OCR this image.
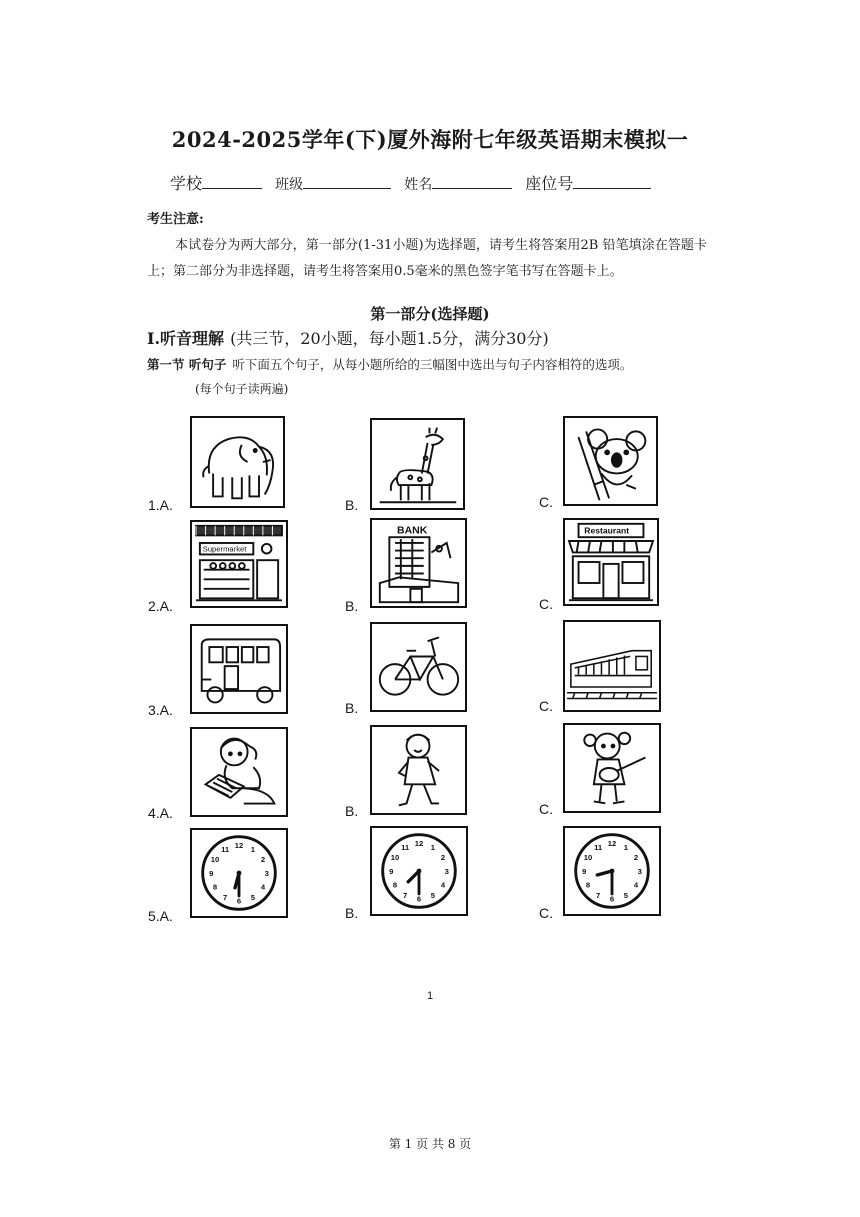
2024-2025学年(下)厦外海附七年级英语期末模拟一
学校	班级	姓名	座位号
考生注意:
本试卷分为两大部分，第一部分(1-31小题)为选择题，请考生将答案用2B 铅笔填涂在答题卡上；第二部分为非选择题，请考生将答案用0.5毫米的黑色签字笔书写在答题卡上。
第一部分(选择题)
I.听音理解 (共三节，20小题，每小题1.5分，满分30分)
第一节 听句子 听下面五个句子，从每小题所给的三幅图中选出与句子内容相符的选项。
(每个句子读两遍)
1.A.	B.	C.
2.A.	B.	C.
3.A.	B.	C.
4.A.	B.	C.
5.A.	B.	C.
Supermarket
BANK	Restaurant
12 1
2
3
4
5
6
7
8
9
10
11
12 1
2
3
4
5
6
7
8
9
10
11	12 1
2
3
4
5
6
7
8
9
10
11
1
第 1 页 共 8 页
